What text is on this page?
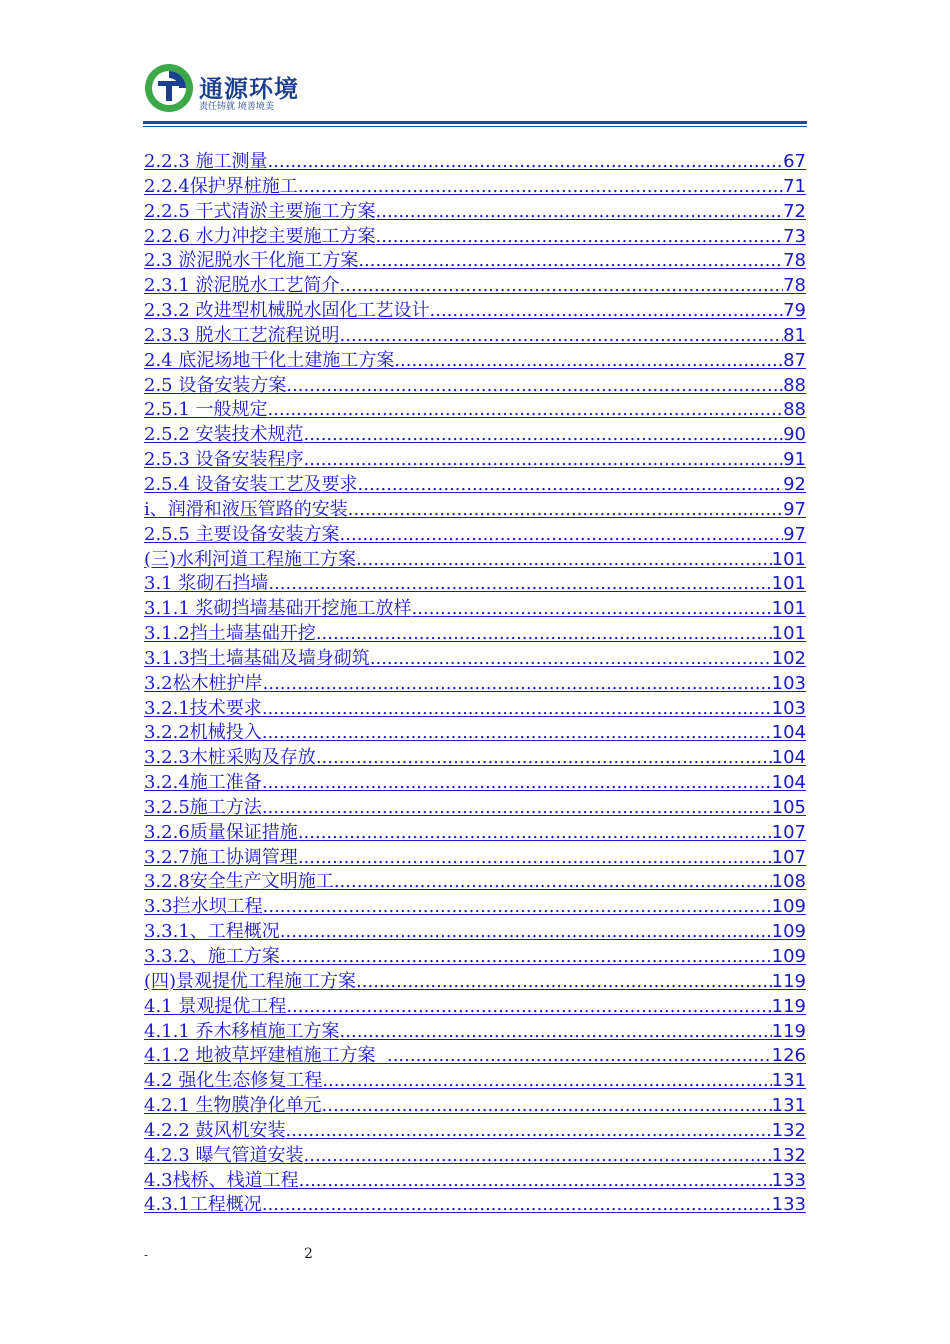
通源环境
责任铸就 境善境美
2.2.3 施工测量 .....	67
2.2.4保护界桩施工 .....	71
2.2.5 干式清淤主要施工方案 .....	72
2.2.6 水力冲挖主要施工方案 .....	73
2.3 淤泥脱水干化施工方案 .....	78
2.3.1 淤泥脱水工艺简介 .....	78
2.3.2 改进型机械脱水固化工艺设计 .....	79
2.3.3 脱水工艺流程说明 .....	81
2.4 底泥场地干化土建施工方案 .....	87
2.5 设备安装方案 .....	88
2.5.1 一般规定 .....	88
2.5.2 安装技术规范 .....	90
2.5.3 设备安装程序 .....	91
2.5.4 设备安装工艺及要求 .....	92
i、润滑和液压管路的安装 .....	97
2.5.5 主要设备安装方案 .....	97
(三)水利河道工程施工方案 .....	101
3.1 浆砌石挡墙 .....	101
3.1.1 浆砌挡墙基础开挖施工放样 .....	101
3.1.2挡土墙基础开挖 .....	101
3.1.3挡土墙基础及墙身砌筑 .....	102
3.2松木桩护岸 .....	103
3.2.1技术要求 .....	103
3.2.2机械投入 .....	104
3.2.3木桩采购及存放 .....	104
3.2.4施工准备 .....	104
3.2.5施工方法 .....	105
3.2.6质量保证措施 .....	107
3.2.7施工协调管理 .....	107
3.2.8安全生产文明施工 .....	108
3.3拦水坝工程 .....	109
3.3.1、工程概况 .....	109
3.3.2、施工方案 .....	109
(四)景观提优工程施工方案 .....	119
4.1 景观提优工程 .....	119
4.1.1 乔木移植施工方案 .....	119
4.1.2 地被草坪建植施工方案 .....	126
4.2 强化生态修复工程 .....	131
4.2.1 生物膜净化单元 .....	131
4.2.2 鼓风机安装 .....	132
4.2.3 曝气管道安装 .....	132
4.3栈桥、栈道工程 .....	133
4.3.1工程概况 .....	133
-	2
